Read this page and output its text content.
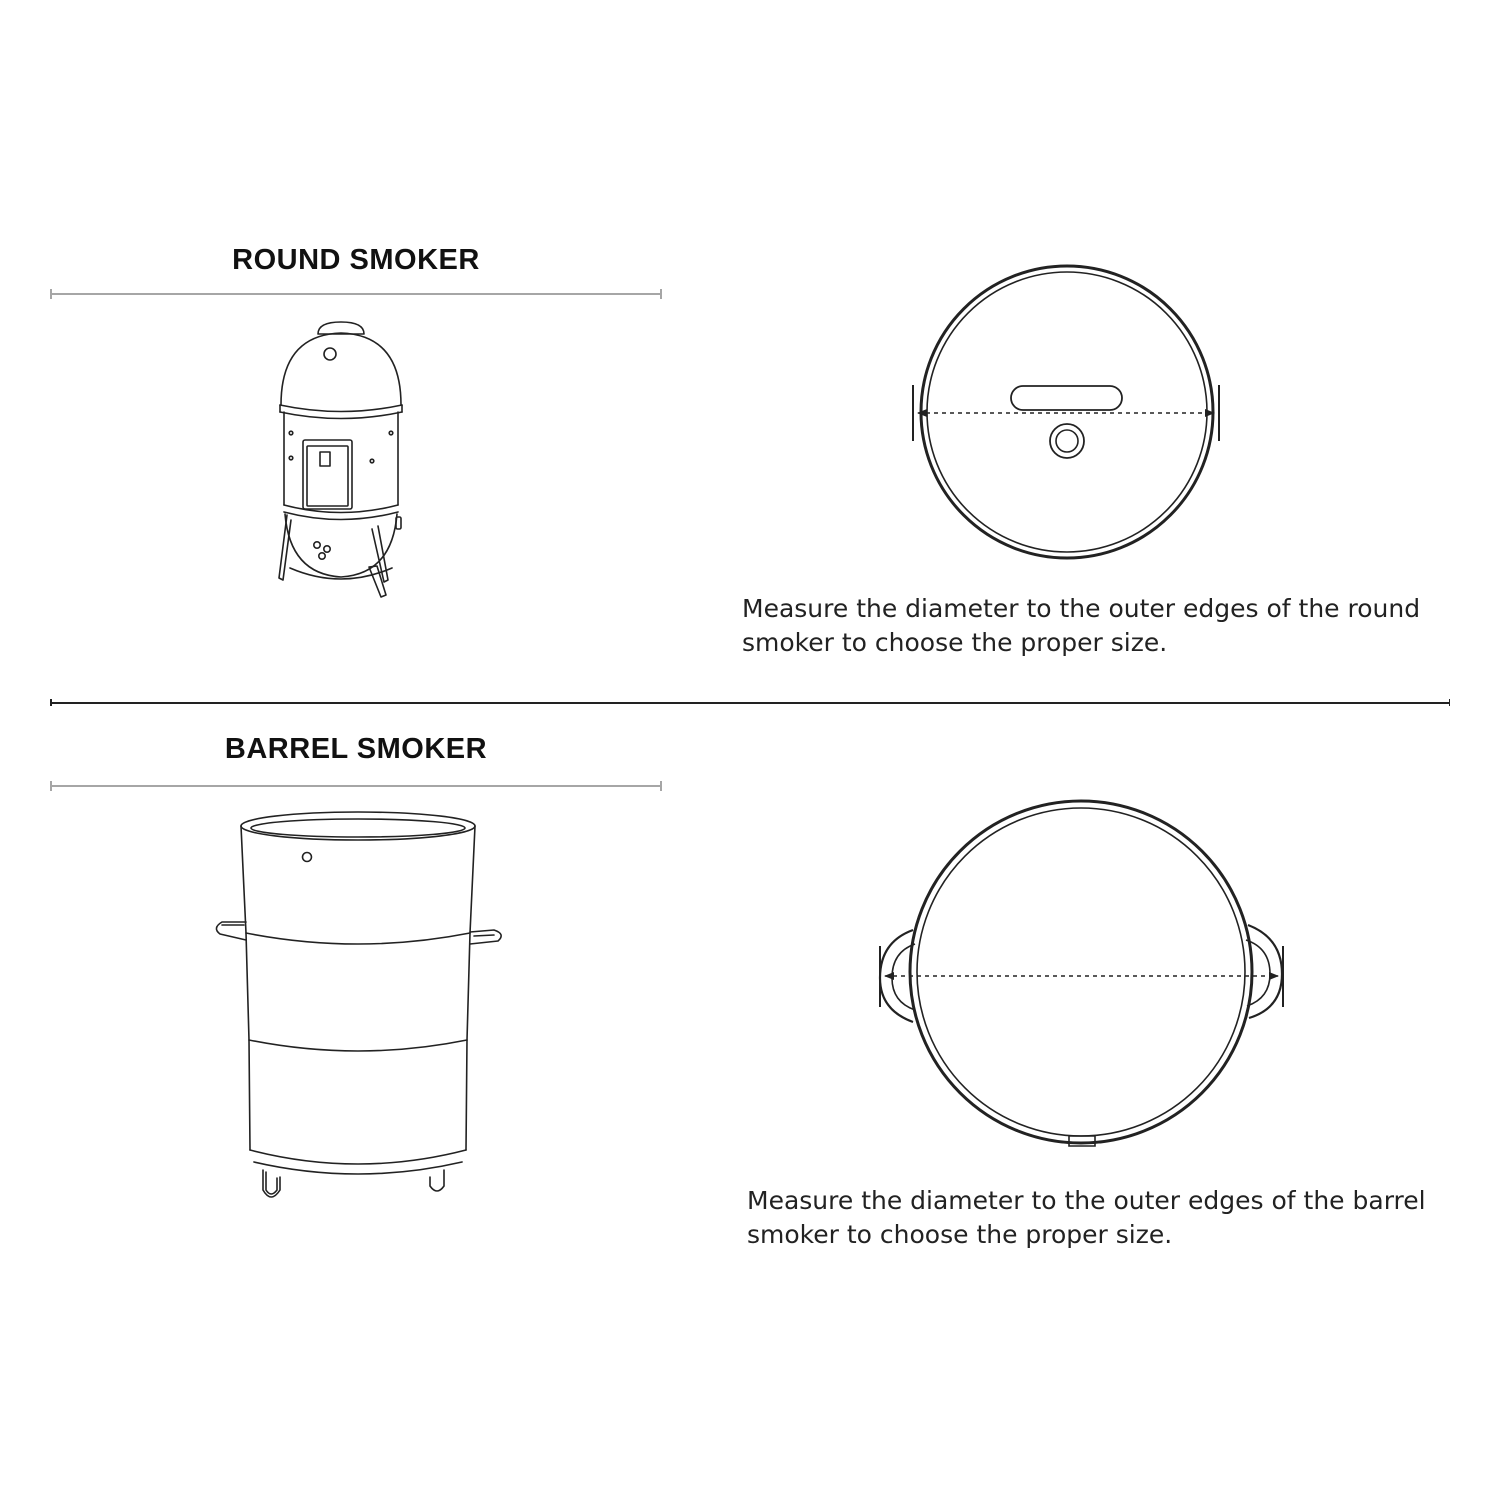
ROUND SMOKER
Measure the diameter to the outer edges of the round
smoker to choose the proper size.
BARREL SMOKER
Measure the diameter to the outer edges of the barrel
smoker to choose the proper size.
